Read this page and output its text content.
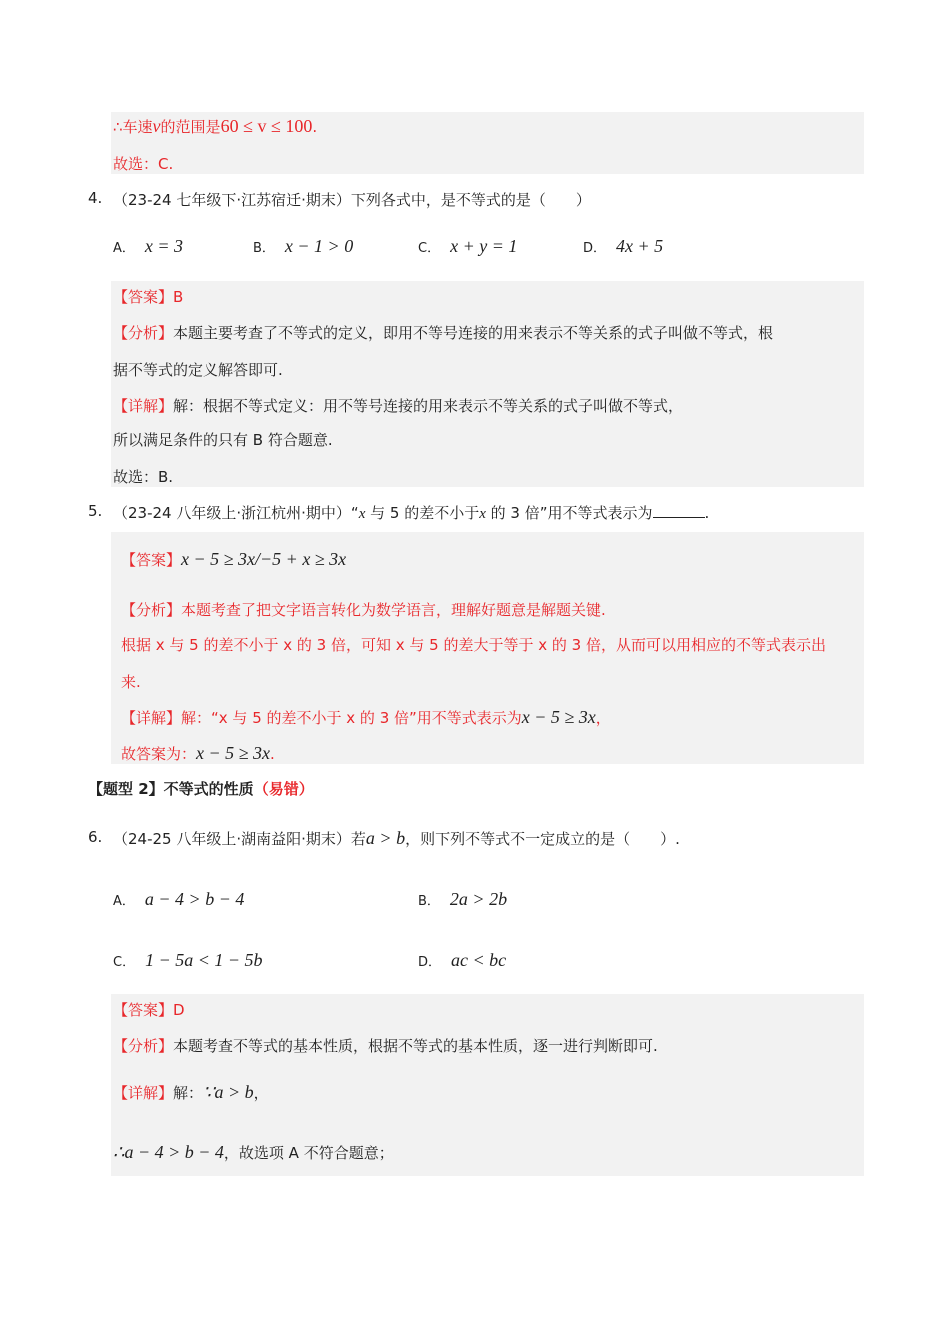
∴车速v的范围是60 ≤ v ≤ 100.
故选：C.
4. （23-24 七年级下·江苏宿迁·期末）下列各式中，是不等式的是（　　）
A． x = 3	B． x − 1 > 0	C． x + y = 1	D． 4x + 5
【答案】B
【分析】本题主要考查了不等式的定义，即用不等号连接的用来表示不等关系的式子叫做不等式，根
据不等式的定义解答即可.
【详解】解：根据不等式定义：用不等号连接的用来表示不等关系的式子叫做不等式，
所以满足条件的只有 B 符合题意.
故选：B.
5. （23-24 八年级上·浙江杭州·期中）“x 与 5 的差不小于x 的 3 倍”用不等式表示为	.
【答案】x − 5 ≥ 3x/−5 + x ≥ 3x
【分析】本题考查了把文字语言转化为数学语言，理解好题意是解题关键.
根据 x 与 5 的差不小于 x 的 3 倍，可知 x 与 5 的差大于等于 x 的 3 倍，从而可以用相应的不等式表示出
来.
【详解】解：“x 与 5 的差不小于 x 的 3 倍”用不等式表示为x − 5 ≥ 3x，
故答案为：x − 5 ≥ 3x.
【题型 2】不等式的性质（易错）
6. （24-25 八年级上·湖南益阳·期末）若a > b，则下列不等式不一定成立的是（　　）.
A． a − 4 > b − 4	B． 2a > 2b
C． 1 − 5a < 1 − 5b	D． ac < bc
【答案】D
【分析】本题考查不等式的基本性质，根据不等式的基本性质，逐一进行判断即可.
【详解】解：∵a > b，
∴a − 4 > b − 4，故选项 A 不符合题意；
